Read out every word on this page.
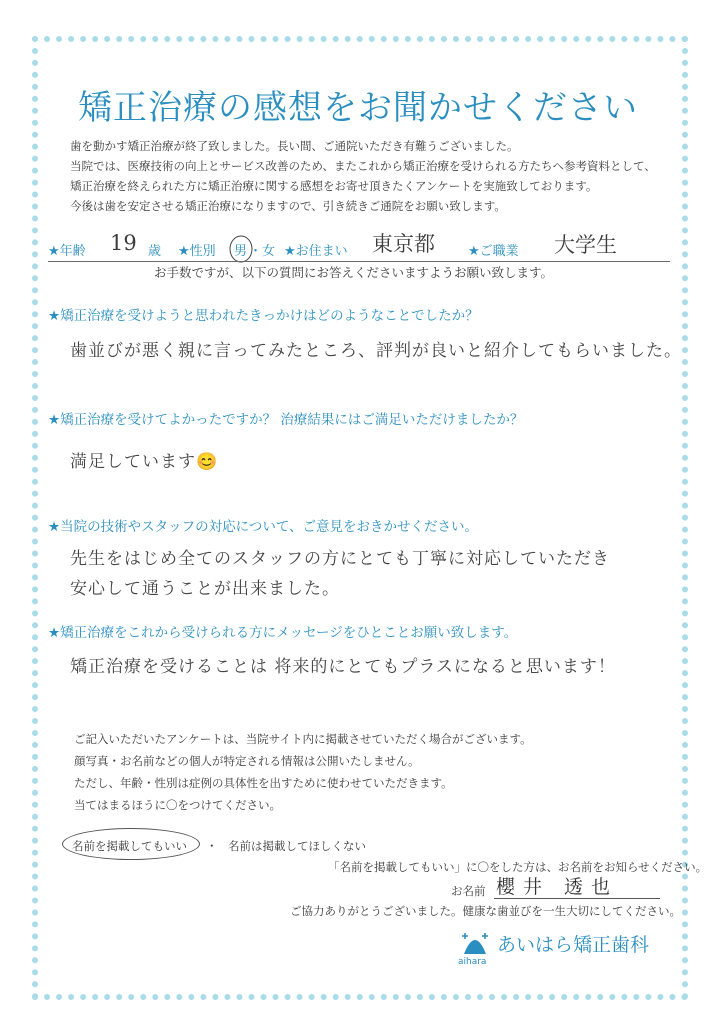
矯正治療の感想をお聞かせください
歯を動かす矯正治療が終了致しました。長い間、ご通院いただき有難うございました。
当院では、医療技術の向上とサービス改善のため、またこれから矯正治療を受けられる方たちへ参考資料として、
矯正治療を終えられた方に矯正治療に関する感想をお寄せ頂きたくアンケートを実施致しております。
今後は歯を安定させる矯正治療になりますので、引き続きご通院をお願い致します。
★年齢 19 歳 ★性別 男 ・ 女 ★お住まい 東京都	★ご職業 大学生
お手数ですが、以下の質問にお答えくださいますようお願い致します。
★矯正治療を受けようと思われたきっかけはどのようなことでしたか？
歯並びが悪く親に言ってみたところ、評判が良いと紹介してもらいました。
★矯正治療を受けてよかったですか？ 治療結果にはご満足いただけましたか？
満足しています😊
★当院の技術やスタッフの対応について、ご意見をおきかせください。
先生をはじめ全てのスタッフの方にとても丁寧に対応していただき
安心して通うことが出来ました。
★矯正治療をこれから受けられる方にメッセージをひとことお願い致します。
矯正治療を受けることは 将来的にとてもプラスになると思います！
ご記入いただいたアンケートは、当院サイト内に掲載させていただく場合がございます。
顔写真・お名前などの個人が特定される情報は公開いたしません。
ただし、年齢・性別は症例の具体性を出すために使わせていただきます。
当てはまるほうに〇をつけてください。
名前を掲載してもいい ・ 名前は掲載してほしくない
「名前を掲載してもいい」に〇をした方は、お名前をお知らせください。
お名前 櫻井 透也
ご協力ありがとうございました。健康な歯並びを一生大切にしてください。
あいはら矯正歯科
aihara
